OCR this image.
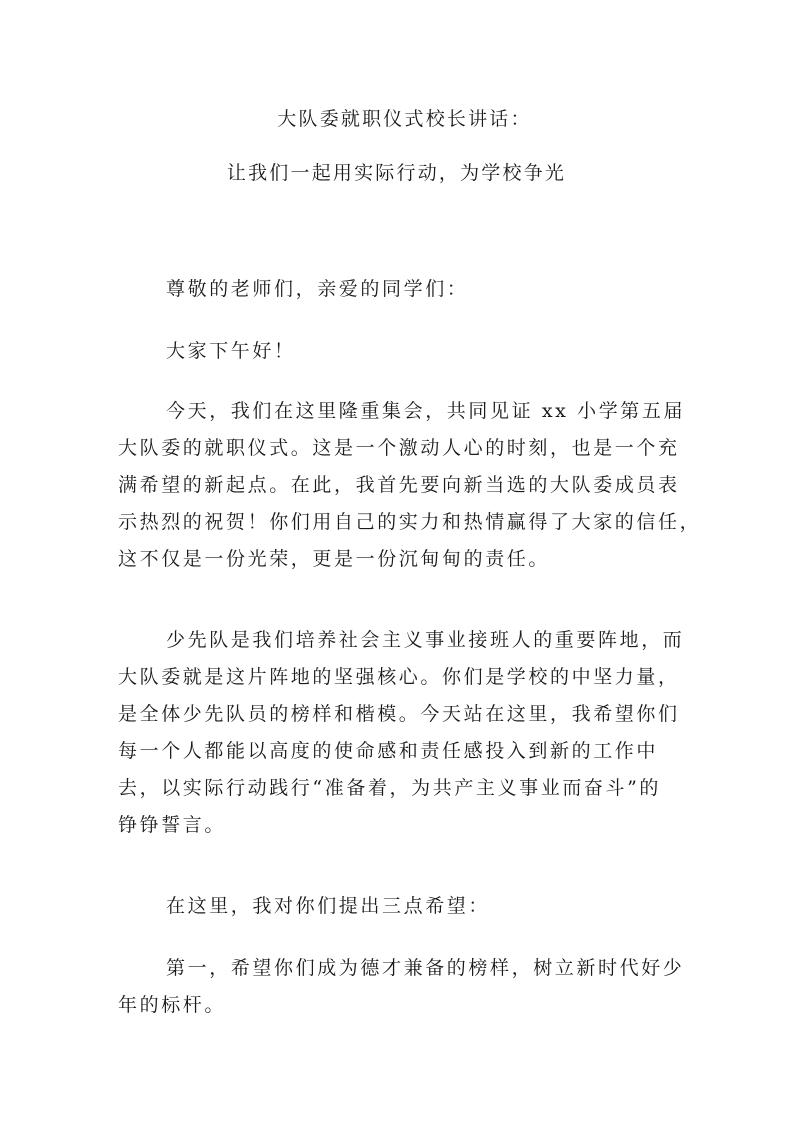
大队委就职仪式校长讲话：
让我们一起用实际行动，为学校争光
尊敬的老师们，亲爱的同学们：
大家下午好！
今天，我们在这里隆重集会，共同见证 xx 小学第五届
大队委的就职仪式。这是一个激动人心的时刻，也是一个充
满希望的新起点。在此，我首先要向新当选的大队委成员表
示热烈的祝贺！你们用自己的实力和热情赢得了大家的信任，
这不仅是一份光荣，更是一份沉甸甸的责任。
少先队是我们培养社会主义事业接班人的重要阵地，而
大队委就是这片阵地的坚强核心。你们是学校的中坚力量，
是全体少先队员的榜样和楷模。今天站在这里，我希望你们
每一个人都能以高度的使命感和责任感投入到新的工作中
去，以实际行动践行“准备着，为共产主义事业而奋斗”的
铮铮誓言。
在这里，我对你们提出三点希望：
第一，希望你们成为德才兼备的榜样，树立新时代好少
年的标杆。
